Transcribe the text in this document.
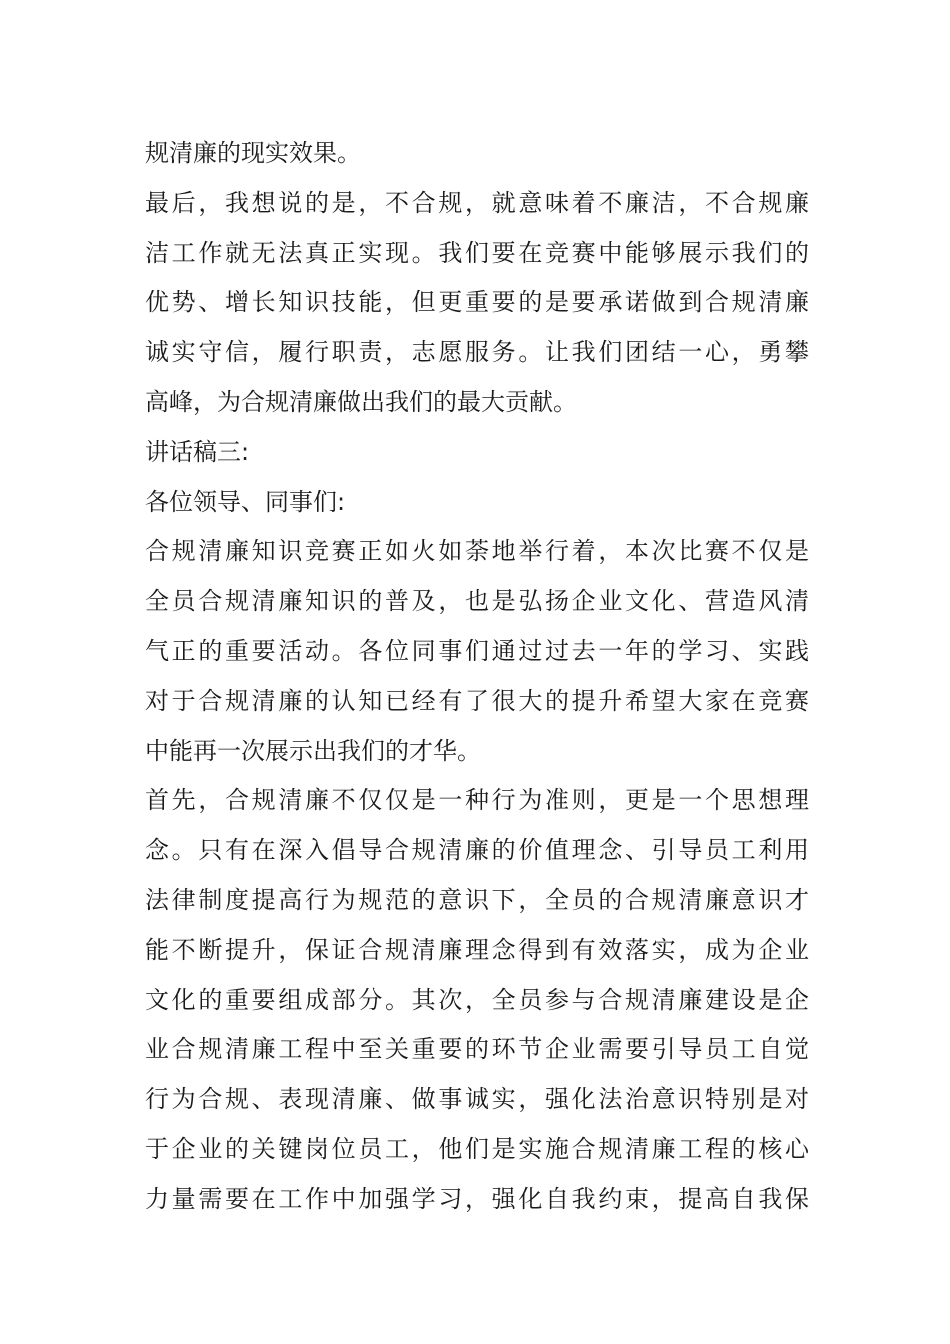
规清廉的现实效果。
最后，我想说的是，不合规，就意味着不廉洁，不合规廉
洁工作就无法真正实现。我们要在竞赛中能够展示我们的
优势、增长知识技能，但更重要的是要承诺做到合规清廉
诚实守信，履行职责，志愿服务。让我们团结一心，勇攀
高峰，为合规清廉做出我们的最大贡献。
讲话稿三:
各位领导、同事们:
合规清廉知识竞赛正如火如荼地举行着，本次比赛不仅是
全员合规清廉知识的普及，也是弘扬企业文化、营造风清
气正的重要活动。各位同事们通过过去一年的学习、实践
对于合规清廉的认知已经有了很大的提升希望大家在竞赛
中能再一次展示出我们的才华。
首先，合规清廉不仅仅是一种行为准则，更是一个思想理
念。只有在深入倡导合规清廉的价值理念、引导员工利用
法律制度提高行为规范的意识下，全员的合规清廉意识才
能不断提升，保证合规清廉理念得到有效落实，成为企业
文化的重要组成部分。其次，全员参与合规清廉建设是企
业合规清廉工程中至关重要的环节企业需要引导员工自觉
行为合规、表现清廉、做事诚实，强化法治意识特别是对
于企业的关键岗位员工，他们是实施合规清廉工程的核心
力量需要在工作中加强学习，强化自我约束，提高自我保
